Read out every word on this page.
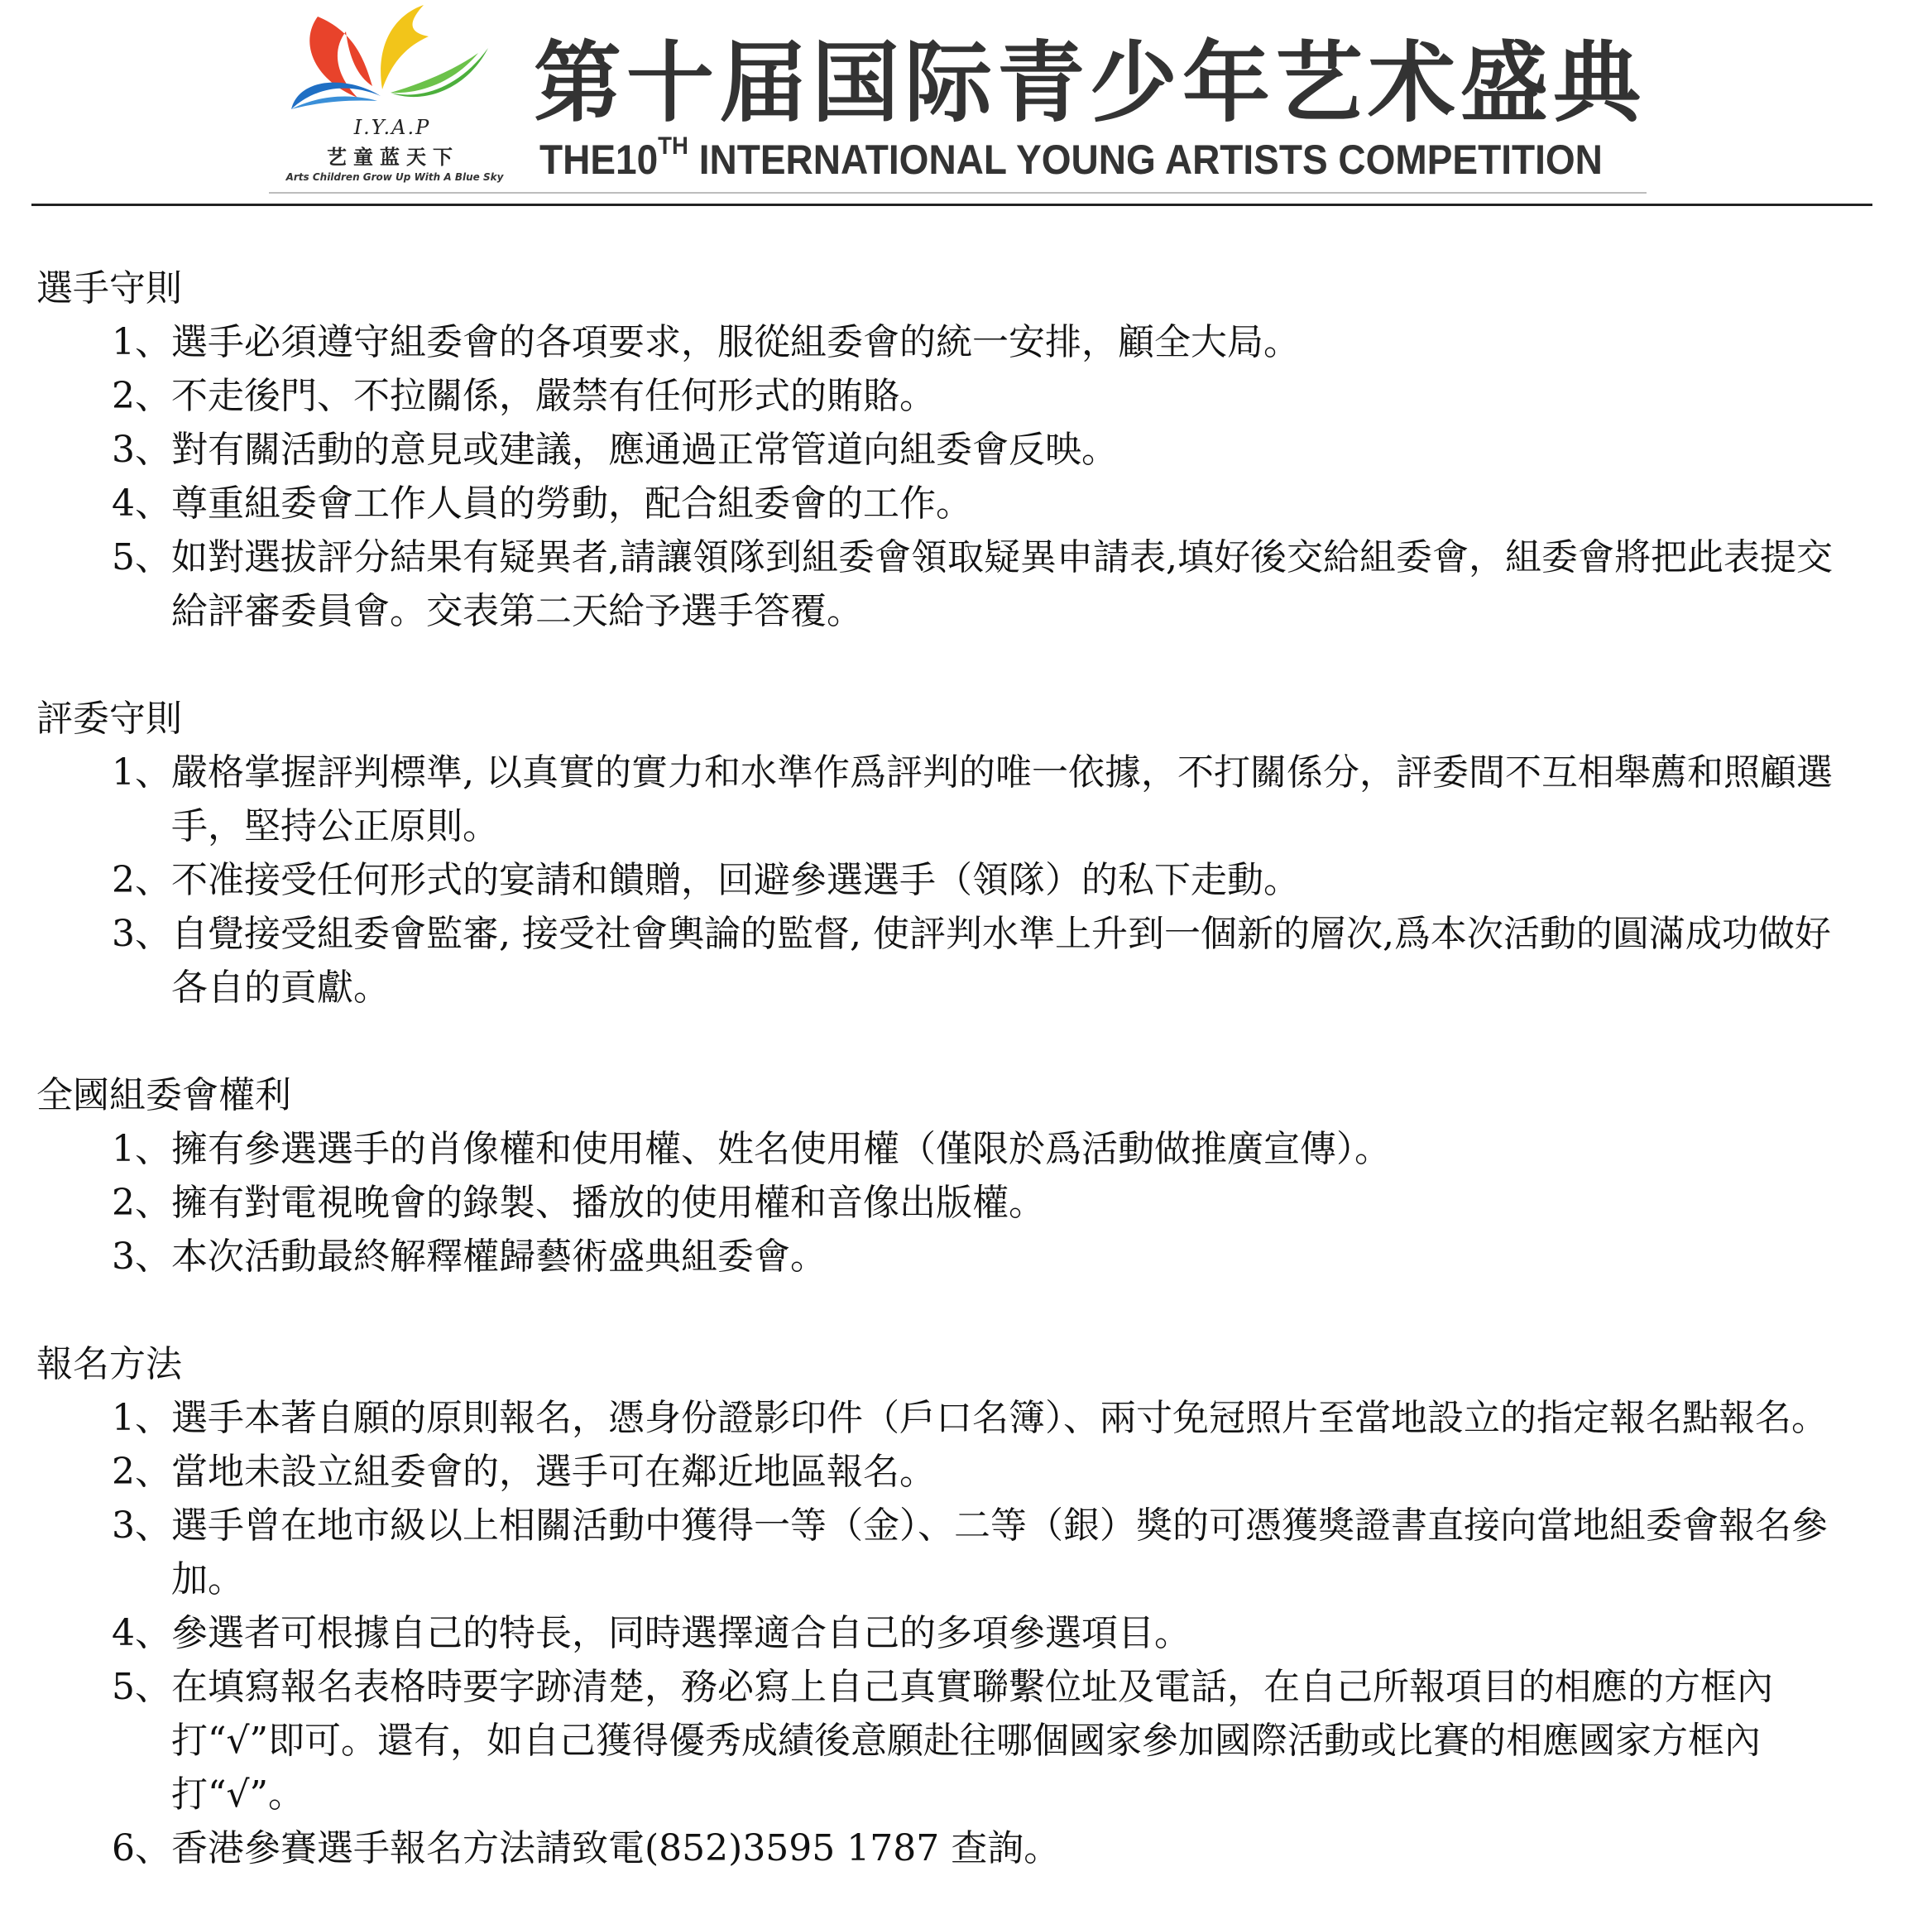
I.Y.A.P
艺童蓝天下
Arts Children Grow Up With A Blue Sky
第十届国际青少年艺术盛典
THE10TH INTERNATIONAL YOUNG ARTISTS COMPETITION
選手守則
1、 選手必須遵守組委會的各項要求，服從組委會的統一安排，顧全大局。
2、 不走後門、不拉關係，嚴禁有任何形式的賄賂。
3、 對有關活動的意見或建議，應通過正常管道向組委會反映。
4、 尊重組委會工作人員的勞動，配合組委會的工作。
5、 如對選拔評分結果有疑異者,請讓領隊到組委會領取疑異申請表,填好後交給組委會，組委會將把此表提交給評審委員會。交表第二天給予選手答覆。
評委守則
1、 嚴格掌握評判標準, 以真實的實力和水準作爲評判的唯一依據，不打關係分，評委間不互相舉薦和照顧選手，堅持公正原則。
2、 不准接受任何形式的宴請和饋贈，回避參選選手（領隊）的私下走動。
3、 自覺接受組委會監審, 接受社會輿論的監督, 使評判水準上升到一個新的層次,爲本次活動的圓滿成功做好各自的貢獻。
全國組委會權利
1、 擁有參選選手的肖像權和使用權、姓名使用權（僅限於爲活動做推廣宣傳）。
2、 擁有對電視晚會的錄製、播放的使用權和音像出版權。
3、 本次活動最終解釋權歸藝術盛典組委會。
報名方法
1、 選手本著自願的原則報名，憑身份證影印件（戶口名簿）、兩寸免冠照片至當地設立的指定報名點報名。
2、 當地未設立組委會的，選手可在鄰近地區報名。
3、 選手曾在地市級以上相關活動中獲得一等（金）、二等（銀）獎的可憑獲獎證書直接向當地組委會報名參加。
4、 參選者可根據自己的特長，同時選擇適合自己的多項參選項目。
5、 在填寫報名表格時要字跡清楚，務必寫上自己真實聯繫位址及電話，在自己所報項目的相應的方框內打“√”即可。還有，如自己獲得優秀成績後意願赴往哪個國家參加國際活動或比賽的相應國家方框內打“√”。
6、 香港參賽選手報名方法請致電(852)3595 1787 查詢。
